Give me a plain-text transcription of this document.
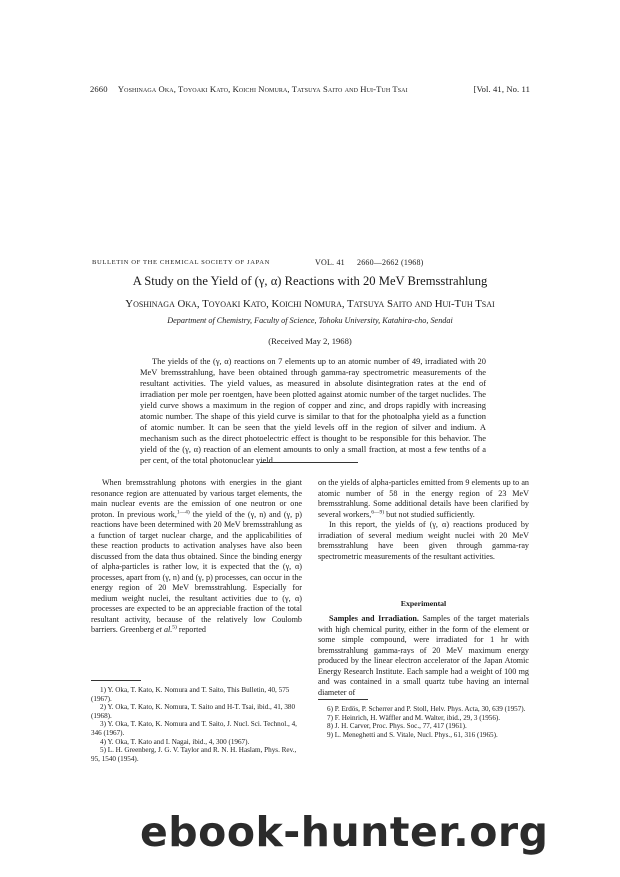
2660 Yoshinaga Oka, Toyoaki Kato, Koichi Nomura, Tatsuya Saito and Hui-Tuh Tsai	[Vol. 41, No. 11
BULLETIN OF THE CHEMICAL SOCIETY OF JAPAN	VOL. 41 2660—2662 (1968)
A Study on the Yield of (γ, α) Reactions with 20 MeV Bremsstrahlung
Yoshinaga Oka, Toyoaki Kato, Koichi Nomura, Tatsuya Saito and Hui-Tuh Tsai
Department of Chemistry, Faculty of Science, Tohoku University, Katahira-cho, Sendai
(Received May 2, 1968)
The yields of the (γ, α) reactions on 7 elements up to an atomic number of 49, irradiated with 20 MeV bremsstrahlung, have been obtained through gamma-ray spectrometric measurements of the resultant activities. The yield values, as measured in absolute disintegration rates at the end of irradiation per mole per roentgen, have been plotted against atomic number of the target nuclides. The yield curve shows a maximum in the region of copper and zinc, and drops rapidly with increasing atomic number. The shape of this yield curve is similar to that for the photoalpha yield as a function of atomic number. It can be seen that the yield levels off in the region of silver and indium. A mechanism such as the direct photoelectric effect is thought to be responsible for this behavior. The yield of the (γ, α) reaction of an element amounts to only a small fraction, at most a few tenths of a per cent, of the total photonuclear yield.

When bremsstrahlung photons with energies in the giant resonance region are attenuated by various target elements, the main nuclear events are the emission of one neutron or one proton. In previous work,$^{1—4)}$ the yield of the (γ, n) and (γ, p) reactions have been determined with 20 MeV bremsstrahlung as a function of target nuclear charge, and the applicabilities of these reaction products to activation analyses have also been discussed from the data thus obtained. Since the binding energy of alpha-particles is rather low, it is expected that the (γ, α) processes, apart from (γ, n) and (γ, p) processes, can occur in the energy region of 20 MeV bremsstrahlung. Especially for medium weight nuclei, the resultant activities due to (γ, α) processes are expected to be an appreciable fraction of the total resultant activity, because of the relatively low Coulomb barriers. Greenberg et al.$^{5)}$ reported

on the yields of alpha-particles emitted from 9 elements up to an atomic number of 58 in the energy region of 23 MeV bremsstrahlung. Some additional details have been clarified by several workers,$^{6—9)}$ but not studied sufficiently.

In this report, the yields of (γ, α) reactions produced by irradiation of several medium weight nuclei with 20 MeV bremsstrahlung have been given through gamma-ray spectrometric measurements of the resultant activities.

Experimental

Samples and Irradiation. Samples of the target materials with high chemical purity, either in the form of the element or some simple compound, were irradiated for 1 hr with bremsstrahlung gamma-rays of 20 MeV maximum energy produced by the linear electron accelerator of the Japan Atomic Energy Research Institute. Each sample had a weight of 100 mg and was contained in a small quartz tube having an internal diameter of

1) Y. Oka, T. Kato, K. Nomura and T. Saito, This Bulletin, 40, 575 (1967).

2) Y. Oka, T. Kato, K. Nomura, T. Saito and H-T. Tsai, ibid., 41, 380 (1968).

3) Y. Oka, T. Kato, K. Nomura and T. Saito, J. Nucl. Sci. Technol., 4, 346 (1967).

4) Y. Oka, T. Kato and I. Nagai, ibid., 4, 300 (1967).

5) L. H. Greenberg, J. G. V. Taylor and R. N. H. Haslam, Phys. Rev., 95, 1540 (1954).

6) P. Erdös, P. Scherrer and P. Stoll, Helv. Phys. Acta, 30, 639 (1957).

7) F. Heinrich, H. Wäffler and M. Walter, ibid., 29, 3 (1956).

8) J. H. Carver, Proc. Phys. Soc., 77, 417 (1961).

9) L. Meneghetti and S. Vitale, Nucl. Phys., 61, 316 (1965).

ebook-hunter.org
